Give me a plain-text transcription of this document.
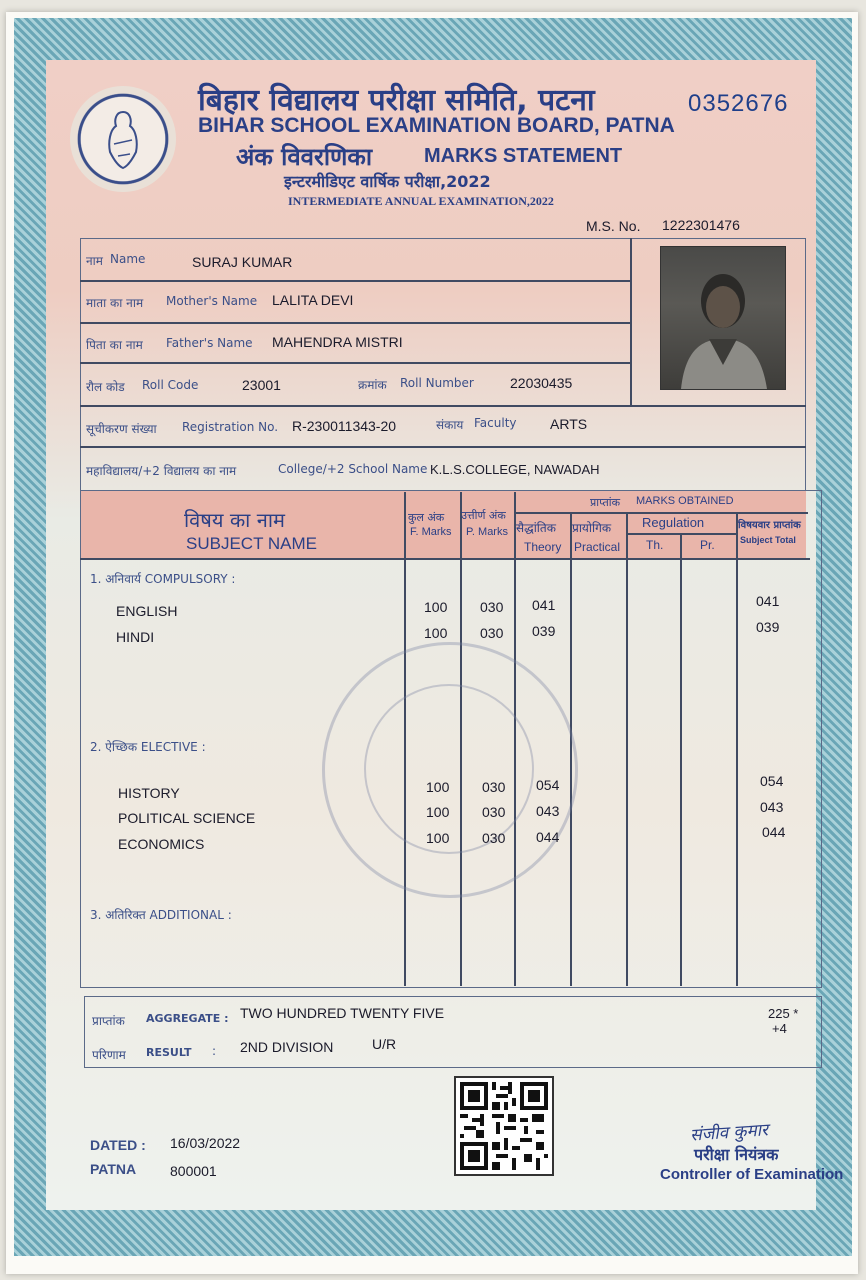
बिहार विद्यालय परीक्षा समिति, पटना	0352676
BIHAR SCHOOL EXAMINATION BOARD, PATNA
अंक विवरणिका	MARKS STATEMENT
इन्टरमीडिएट वार्षिक परीक्षा,2022
INTERMEDIATE ANNUAL EXAMINATION,2022
M.S. No. 1222301476
नाम Name	SURAJ KUMAR
माता का नाम Mother's Name LALITA DEVI
पिता का नाम Father's Name MAHENDRA MISTRI
रौल कोड Roll Code	23001	क्रमांक Roll Number	22030435
सूचीकरण संख्या Registration No. R-230011343-20	संकाय Faculty ARTS
महाविद्यालय/+2 विद्यालय का नाम	College/+2 School Name K.L.S.COLLEGE, NAWADAH
विषय का नाम
SUBJECT NAME
कुल अंक
F. Marks
उत्तीर्ण अंक
P. Marks
प्राप्तांक MARKS OBTAINED
सैद्धांतिक
Theory
प्रायोगिक
Practical
Regulation
Th.	Pr.
विषयवार प्राप्तांक
Subject Total
1. अनिवार्य COMPULSORY :
2. ऐच्छिक ELECTIVE :
3. अतिरिक्त ADDITIONAL :
ENGLISH	100 030 041	041
HINDI	100 030 039	039
HISTORY	100 030 054	054
POLITICAL SCIENCE	100 030 043	043
ECONOMICS	100 030 044	044
प्राप्तांक AGGREGATE : TWO HUNDRED TWENTY FIVE	225 *
+4
परिणाम RESULT : 2ND DIVISION	U/R
DATED : 16/03/2022
PATNA 800001
संजीव कुमार
परीक्षा नियंत्रक
Controller of Examination
